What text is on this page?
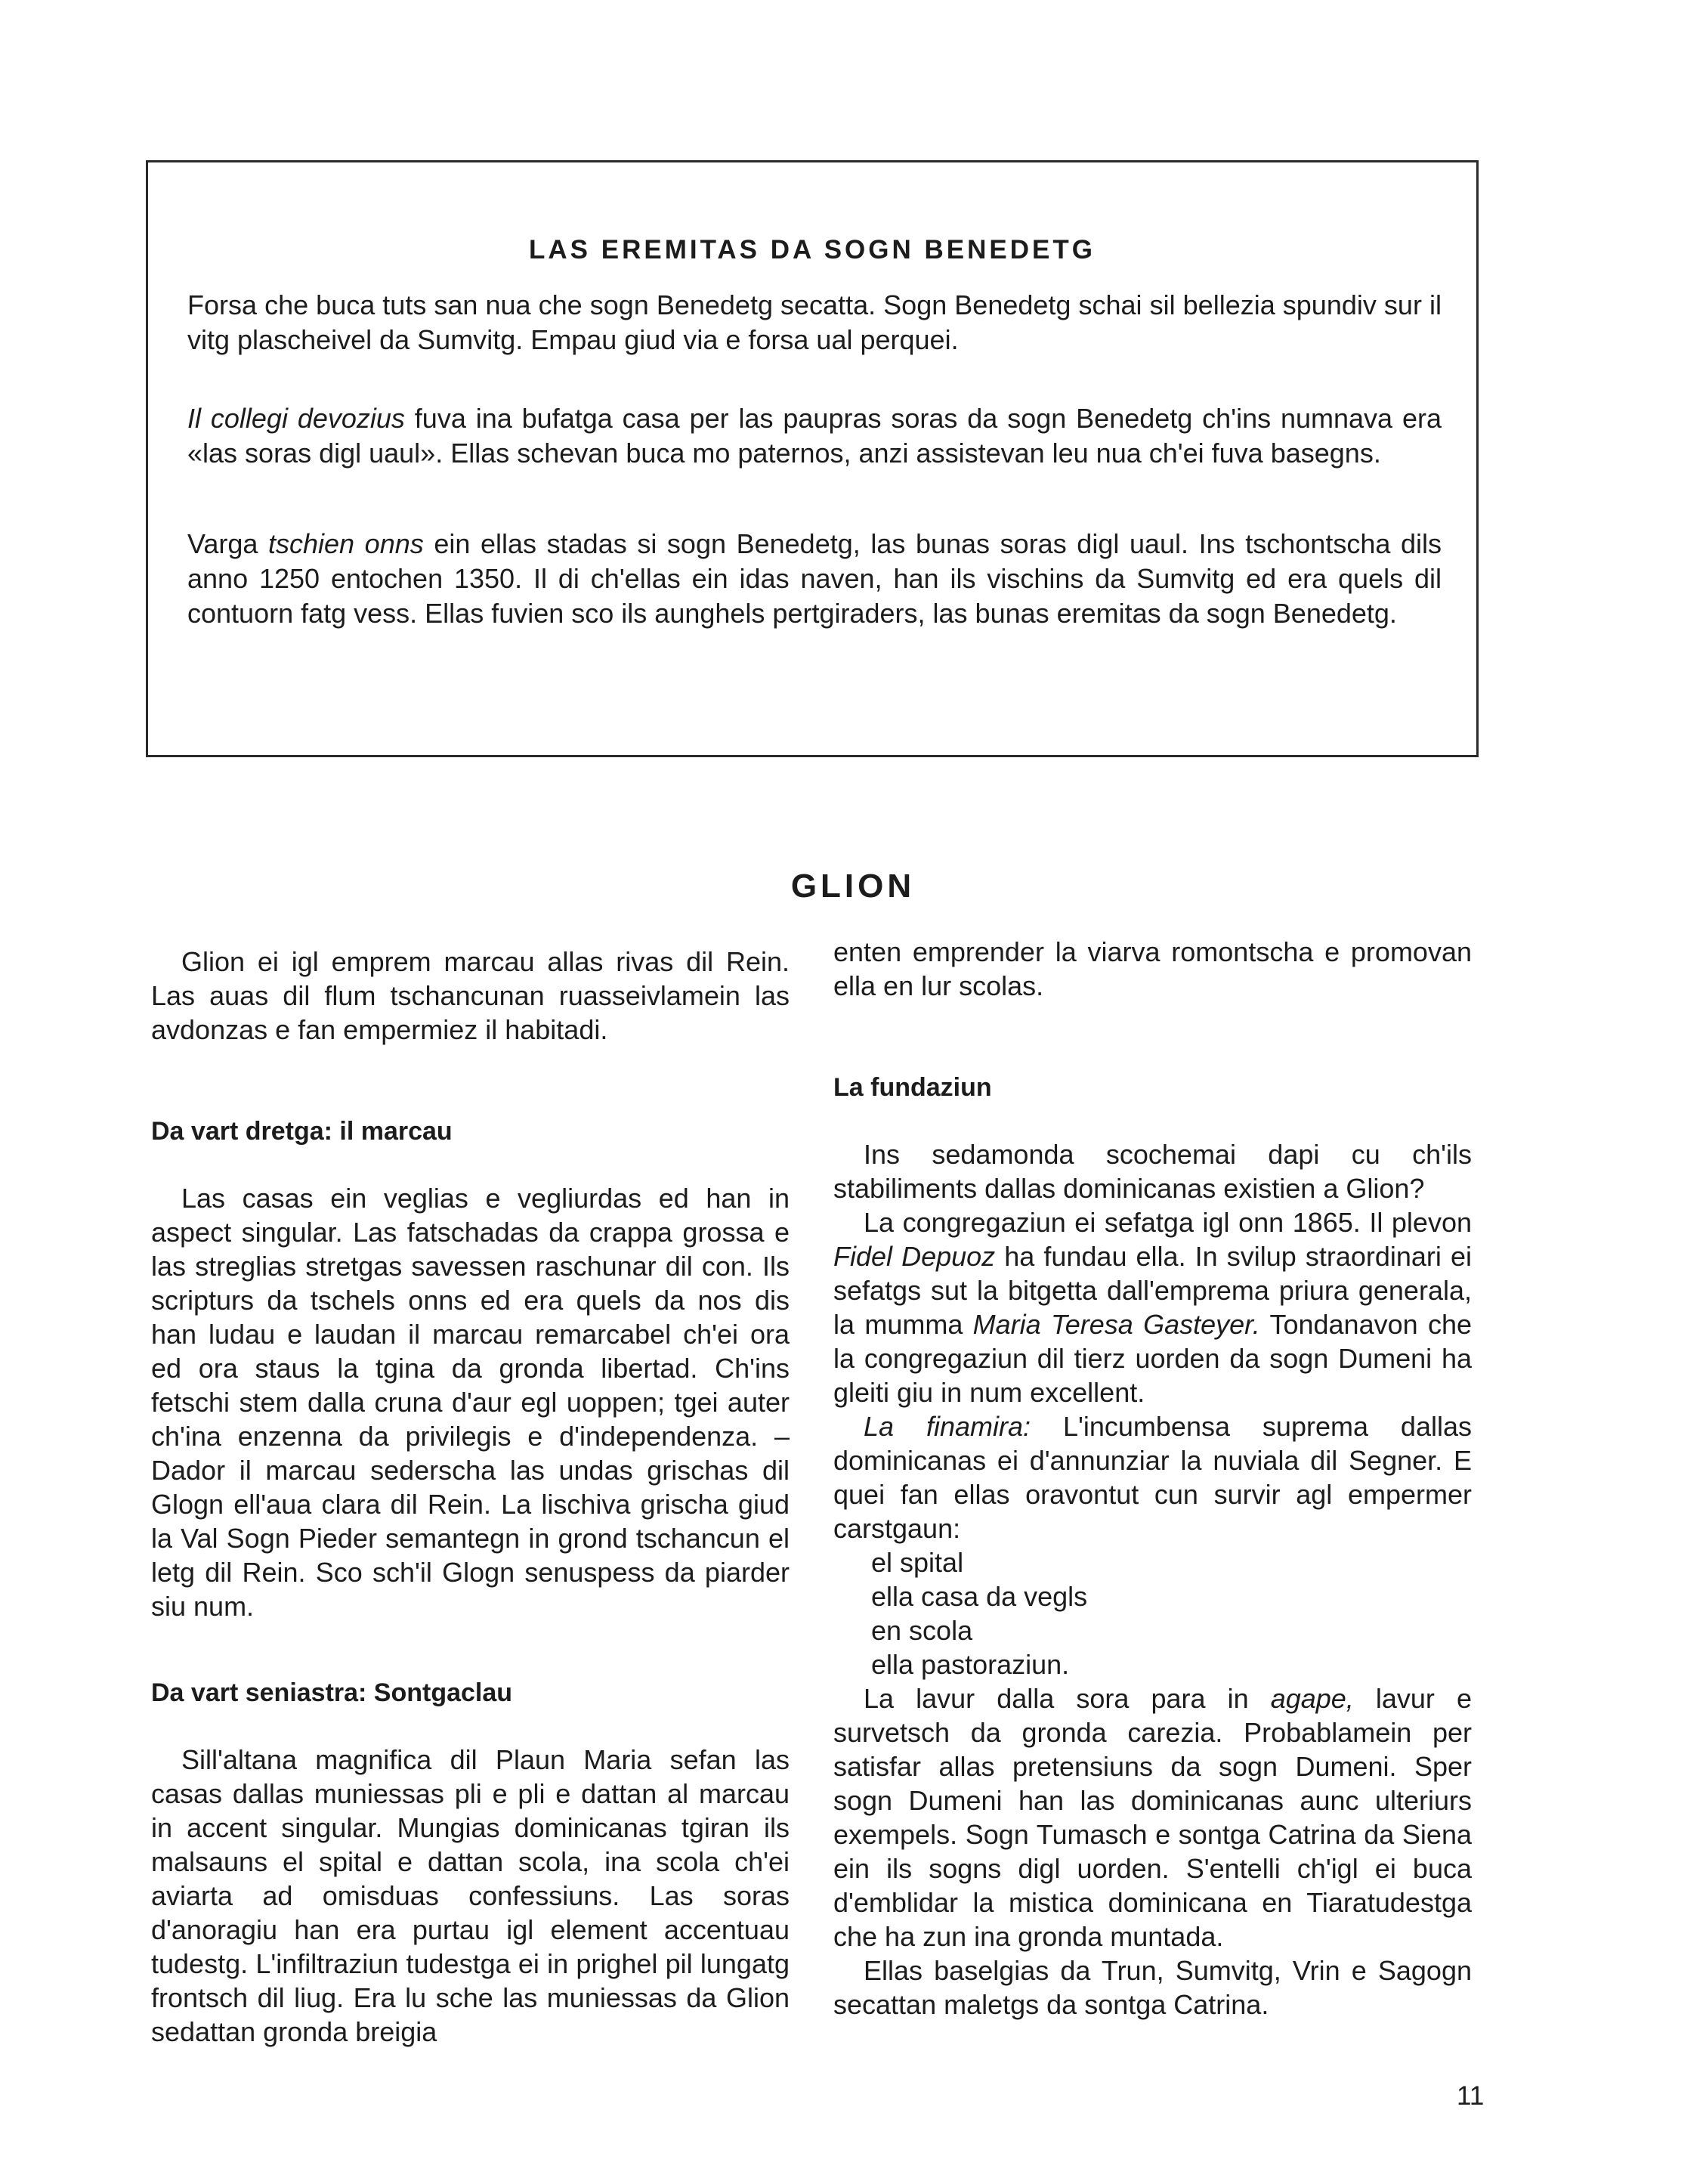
LAS EREMITAS DA SOGN BENEDETG

Forsa che buca tuts san nua che sogn Benedetg secatta. Sogn Benedetg schai sil bellezia spundiv sur il vitg plascheivel da Sumvitg. Empau giud via e forsa ual perquei.

Il collegi devozius fuva ina bufatga casa per las paupras soras da sogn Benedetg ch'ins numnava era «las soras digl uaul». Ellas schevan buca mo paternos, anzi assistevan leu nua ch'ei fuva basegns.

Varga tschien onns ein ellas stadas si sogn Benedetg, las bunas soras digl uaul. Ins tschontscha dils anno 1250 entochen 1350. Il di ch'ellas ein idas naven, han ils vischins da Sumvitg ed era quels dil contuorn fatg vess. Ellas fuvien sco ils aunghels pertgiraders, las bunas eremitas da sogn Benedetg.

GLION

Glion ei igl emprem marcau allas rivas dil Rein. Las auas dil flum tschancunan ruasseivlamein las avdonzas e fan empermiez il habitadi.

Da vart dretga: il marcau

Las casas ein veglias e vegliurdas ed han in aspect singular. Las fatschadas da crappa grossa e las streglias stretgas savessen raschunar dil con. Ils scripturs da tschels onns ed era quels da nos dis han ludau e laudan il marcau remarcabel ch'ei ora ed ora staus la tgina da gronda libertad. Ch'ins fetschi stem dalla cruna d'aur egl uoppen; tgei auter ch'ina enzenna da privilegis e d'independenza. – Dador il marcau sederscha las undas grischas dil Glogn ell'aua clara dil Rein. La lischiva grischa giud la Val Sogn Pieder semantegn in grond tschancun el letg dil Rein. Sco sch'il Glogn senuspess da piarder siu num.

Da vart seniastra: Sontgaclau

Sill'altana magnifica dil Plaun Maria sefan las casas dallas muniessas pli e pli e dattan al marcau in accent singular. Mungias dominicanas tgiran ils malsauns el spital e dattan scola, ina scola ch'ei aviarta ad omisduas confessiuns. Las soras d'anoragiu han era purtau igl element accentuau tudestg. L'infiltraziun tudestga ei in prighel pil lungatg frontsch dil liug. Era lu sche las muniessas da Glion sedattan gronda breigia

enten emprender la viarva romontscha e promovan ella en lur scolas.

La fundaziun

Ins sedamonda scochemai dapi cu ch'ils stabiliments dallas dominicanas existien a Glion?

La congregaziun ei sefatga igl onn 1865. Il plevon Fidel Depuoz ha fundau ella. In svilup straordinari ei sefatgs sut la bitgetta dall'emprema priura generala, la mumma Maria Teresa Gasteyer. Tondanavon che la congregaziun dil tierz uorden da sogn Dumeni ha gleiti giu in num excellent.

La finamira: L'incumbensa suprema dallas dominicanas ei d'annunziar la nuviala dil Segner. E quei fan ellas oravontut cun survir agl empermer carstgaun:

el spital

ella casa da vegls

en scola

ella pastoraziun.

La lavur dalla sora para in agape, lavur e survetsch da gronda carezia. Probablamein per satisfar allas pretensiuns da sogn Dumeni. Sper sogn Dumeni han las dominicanas aunc ulteriurs exempels. Sogn Tumasch e sontga Catrina da Siena ein ils sogns digl uorden. S'entelli ch'igl ei buca d'emblidar la mistica dominicana en Tiaratudestga che ha zun ina gronda muntada.

Ellas baselgias da Trun, Sumvitg, Vrin e Sagogn secattan maletgs da sontga Catrina.

11
